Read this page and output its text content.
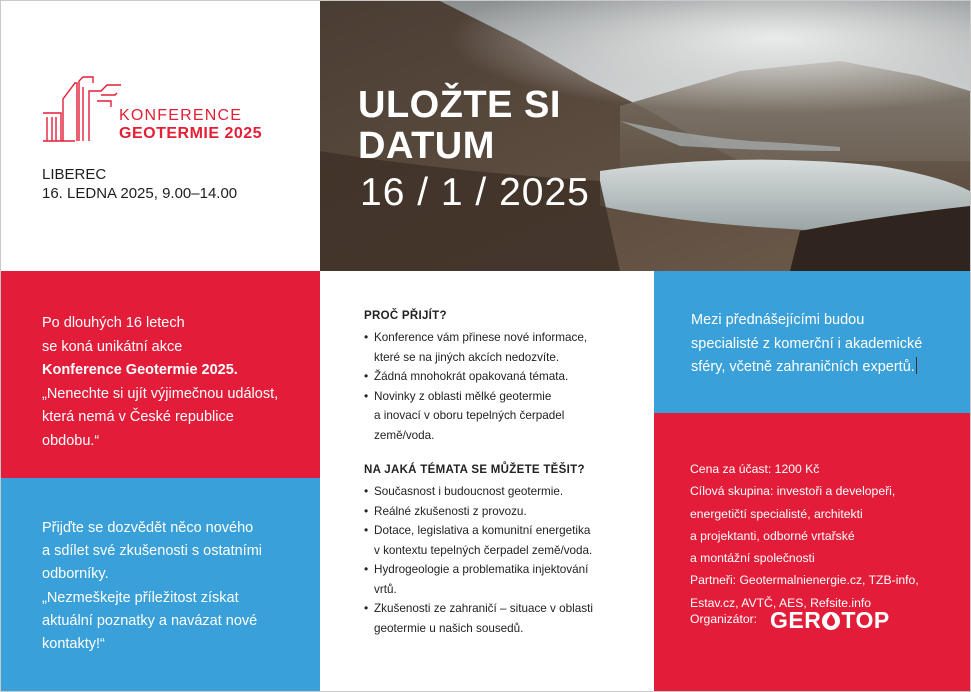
KONFERENCE
GEOTERMIE 2025
LIBEREC
16. LEDNA 2025, 9.00–14.00
ULOŽTE SI
DATUM
16 / 1 / 2025
Po dlouhých 16 letech
se koná unikátní akce
Konference Geotermie 2025.
„Nenechte si ujít výjimečnou událost,
která nemá v České republice
obdobu.“
Přijďte se dozvědět něco nového
a sdílet své zkušenosti s ostatními
odborníky.
„Nezmeškejte příležitost získat
aktuální poznatky a navázat nové
kontakty!“
PROČ PŘIJÍT?
• Konference vám přinese nové informace,
které se na jiných akcích nedozvíte.
• Žádná mnohokrát opakovaná témata.
• Novinky z oblasti mělké geotermie
a inovací v oboru tepelných čerpadel
země/voda.
NA JAKÁ TÉMATA SE MŮŽETE TĚŠIT?
• Současnost i budoucnost geotermie.
• Reálné zkušenosti z provozu.
• Dotace, legislativa a komunitní energetika
v kontextu tepelných čerpadel země/voda.
• Hydrogeologie a problematika injektování
vrtů.
• Zkušenosti ze zahraničí – situace v oblasti
geotermie u našich sousedů.
Mezi přednášejícími budou
specialisté z komerční i akademické
sféry, včetně zahraničních expertů.
Cena za účast: 1200 Kč
Cílová skupina: investoři a developeři,
energetičtí specialisté, architekti
a projektanti, odborné vrtařské
a montážní společnosti
Partneři: Geotermalnienergie.cz, TZB-info,
Estav.cz, AVTČ, AES, Refsite.info
Organizátor: GER TOP
